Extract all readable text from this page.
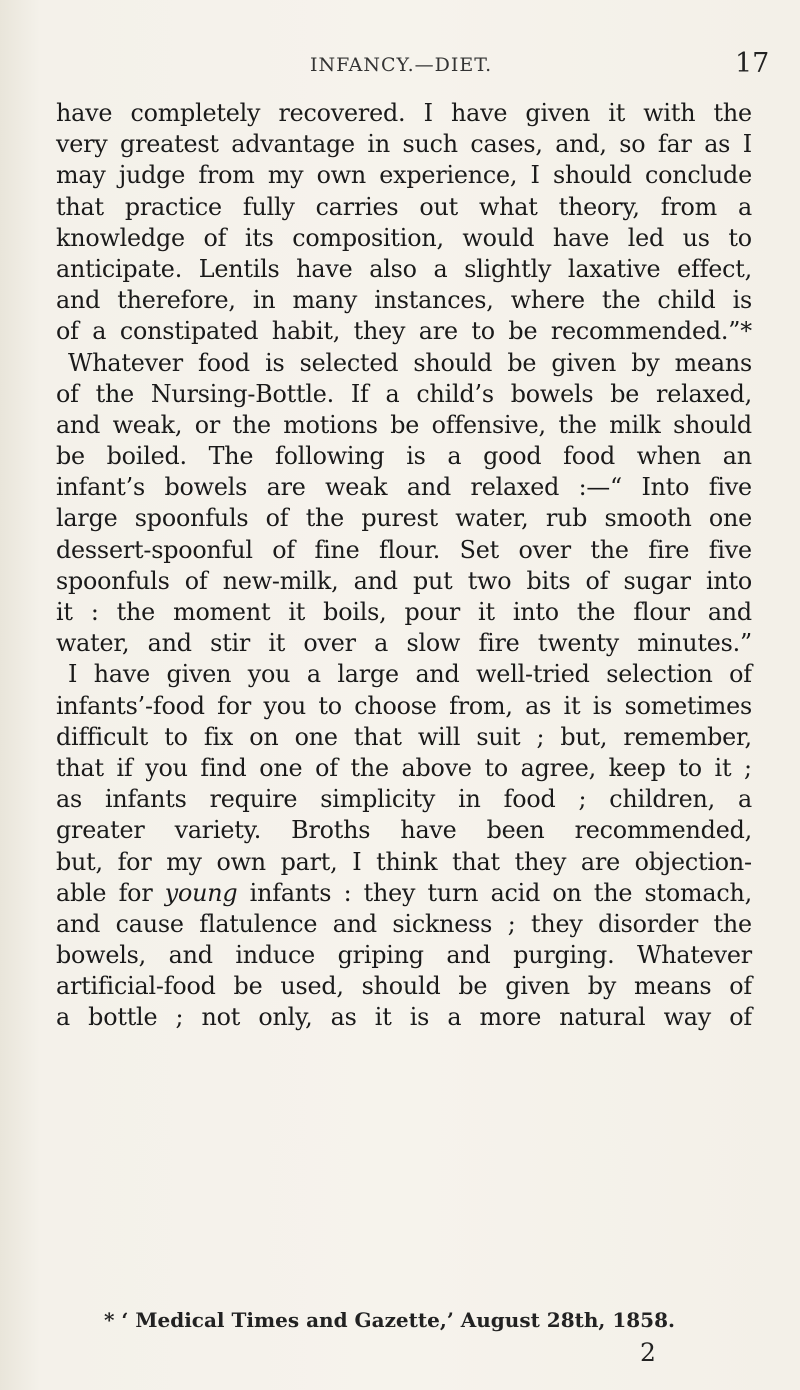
INFANCY.—DIET.	17
have completely recovered. I have given it with the
very greatest advantage in such cases, and, so far as I
may judge from my own experience, I should conclude
that practice fully carries out what theory, from a
knowledge of its composition, would have led us to
anticipate. Lentils have also a slightly laxative effect,
and therefore, in many instances, where the child is
of a constipated habit, they are to be recommended.”*
Whatever food is selected should be given by means
of the Nursing-Bottle. If a child’s bowels be relaxed,
and weak, or the motions be offensive, the milk should
be boiled. The following is a good food when an
infant’s bowels are weak and relaxed :—“ Into five
large spoonfuls of the purest water, rub smooth one
dessert-spoonful of fine flour. Set over the fire five
spoonfuls of new-milk, and put two bits of sugar into
it : the moment it boils, pour it into the flour and
water, and stir it over a slow fire twenty minutes.”
I have given you a large and well-tried selection of
infants’-food for you to choose from, as it is sometimes
difficult to fix on one that will suit ; but, remember,
that if you find one of the above to agree, keep to it ;
as infants require simplicity in food ; children, a
greater variety. Broths have been recommended,
but, for my own part, I think that they are objection-
able for young infants : they turn acid on the stomach,
and cause flatulence and sickness ; they disorder the
bowels, and induce griping and purging. Whatever
artificial-food be used, should be given by means of
a bottle ; not only, as it is a more natural way of
* ‘ Medical Times and Gazette,’ August 28th, 1858.
2
